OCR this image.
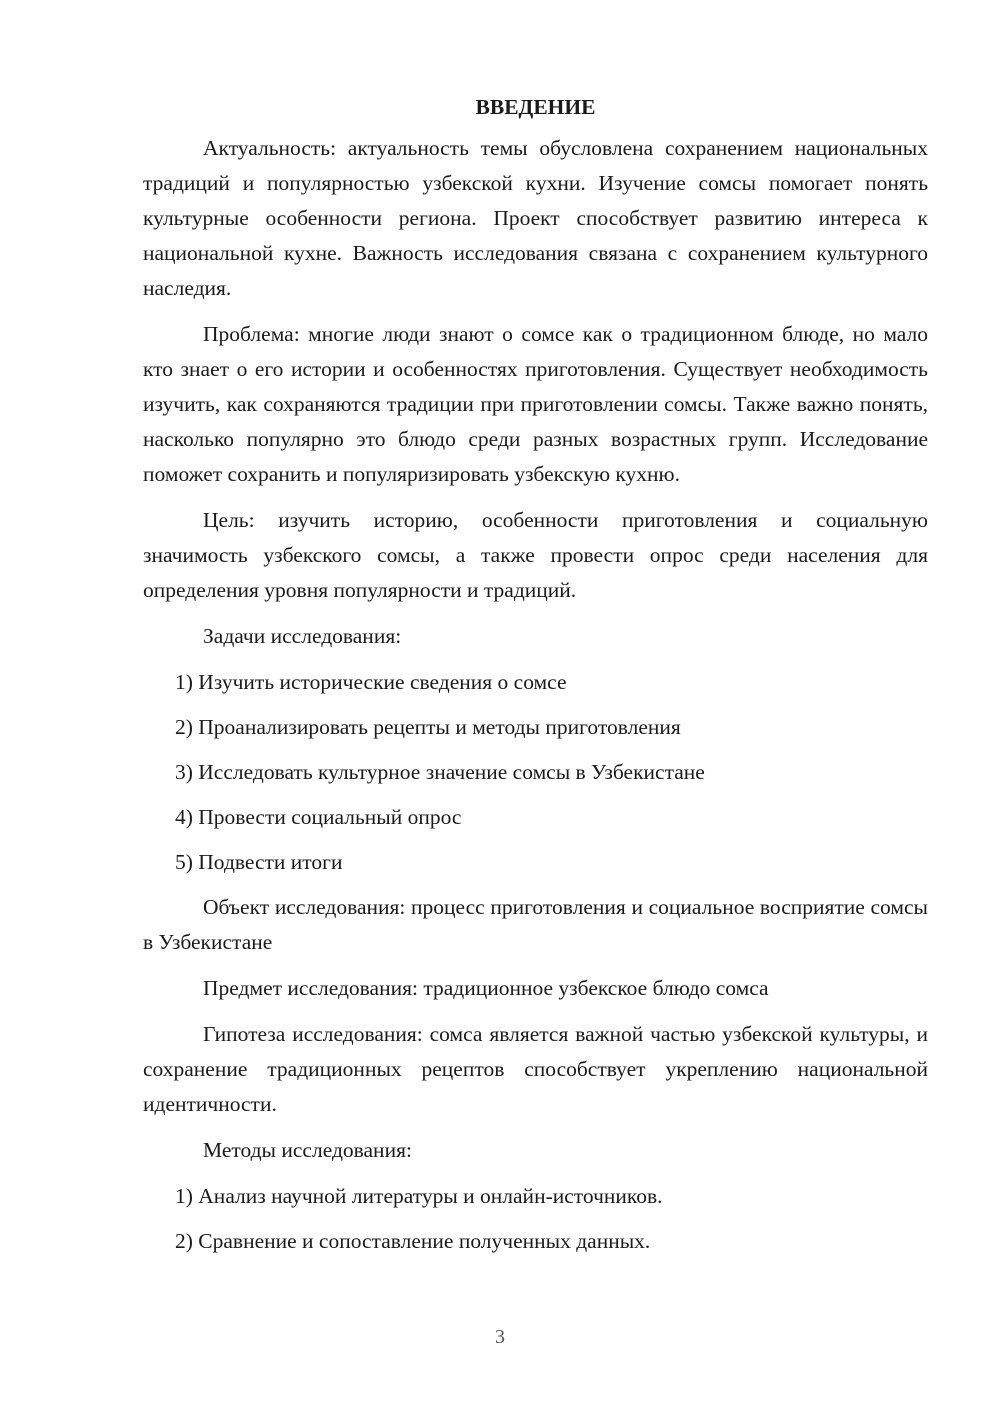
ВВЕДЕНИЕ

Актуальность: актуальность темы обусловлена сохранением национальных традиций и популярностью узбекской кухни. Изучение сомсы помогает понять культурные особенности региона. Проект способствует развитию интереса к национальной кухне. Важность исследования связана с сохранением культурного наследия.

Проблема: многие люди знают о сомсе как о традиционном блюде, но мало кто знает о его истории и особенностях приготовления. Существует необходимость изучить, как сохраняются традиции при приготовлении сомсы. Также важно понять, насколько популярно это блюдо среди разных возрастных групп. Исследование поможет сохранить и популяризировать узбекскую кухню.

Цель: изучить историю, особенности приготовления и социальную значимость узбекского сомсы, а также провести опрос среди населения для определения уровня популярности и традиций.

Задачи исследования:

1) Изучить исторические сведения о сомсе
2) Проанализировать рецепты и методы приготовления
3) Исследовать культурное значение сомсы в Узбекистане
4) Провести социальный опрос
5) Подвести итоги

Объект исследования: процесс приготовления и социальное восприятие сомсы в Узбекистане

Предмет исследования: традиционное узбекское блюдо сомса

Гипотеза исследования: сомса является важной частью узбекской культуры, и сохранение традиционных рецептов способствует укреплению национальной идентичности.

Методы исследования:

1) Анализ научной литературы и онлайн-источников.
2) Сравнение и сопоставление полученных данных.
3
